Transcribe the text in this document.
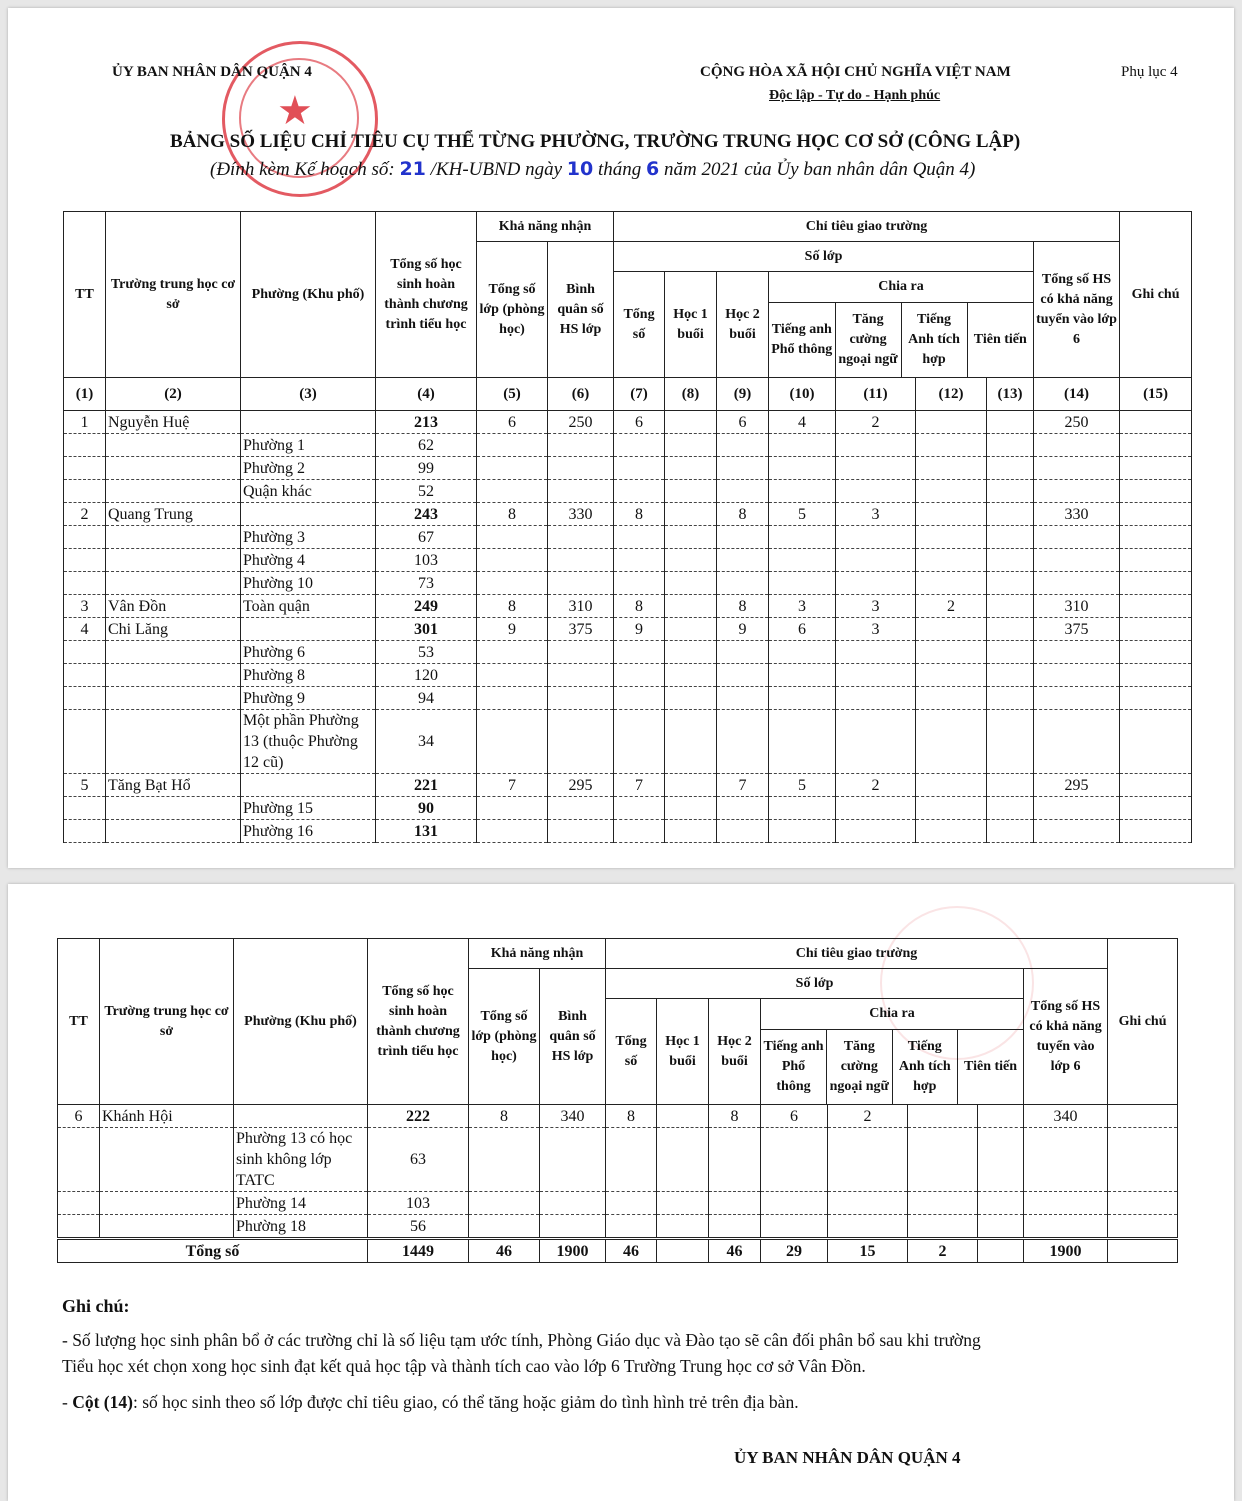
★
ỦY BAN NHÂN DÂN QUẬN 4	CỘNG HÒA XÃ HỘI CHỦ NGHĨA VIỆT NAM
Độc lập - Tự do - Hạnh phúc
Phụ lục 4
BẢNG SỐ LIỆU CHỈ TIÊU CỤ THỂ TỪNG PHƯỜNG, TRƯỜNG TRUNG HỌC CƠ SỞ (CÔNG LẬP)
(Đính kèm Kế hoạch số: 21 /KH-UBND ngày 10 tháng 6 năm 2021 của Ủy ban nhân dân Quận 4)
TT	Trường trung học cơ sở	Phường (Khu phố)	Tổng số học sinh hoàn thành chương trình tiểu học	Khả năng nhận	Chỉ tiêu giao trường	Ghi chú
Tổng số lớp (phòng học)	Bình quân số HS lớp	Số lớp	Tổng số HS có khả năng tuyển vào lớp 6
Tổng số	Học 1 buổi	Học 2 buổi	
Chia ra
Tiếng anh Phổ thông	Tăng cường ngoại ngữ	Tiếng Anh tích hợp	Tiên tiến

(1)	(2)	(3)	(4)	(5)	(6)	(7)	(8)	(9)	(10)	(11)	(12)	(13)	(14)	(15)
1	Nguyễn Huệ		213	6	250	6		6	4	2			250	
		Phường 1	62											
		Phường 2	99											
		Quận khác	52											
2	Quang Trung		243	8	330	8		8	5	3			330	
		Phường 3	67											
		Phường 4	103											
		Phường 10	73											
3	Vân Đồn	Toàn quận	249	8	310	8		8	3	3	2		310	
4	Chi Lăng		301	9	375	9		9	6	3			375	
		Phường 6	53											
		Phường 8	120											
		Phường 9	94											
		Một phần Phường 13 (thuộc Phường 12 cũ)	34											
5	Tăng Bạt Hổ		221	7	295	7		7	5	2			295	
		Phường 15	90											
		Phường 16	131											
TT	Trường trung học cơ sở	Phường (Khu phố)	Tổng số học sinh hoàn thành chương trình tiểu học	Khả năng nhận	Chỉ tiêu giao trường	Ghi chú
Tổng số lớp (phòng học)	Bình quân số HS lớp	Số lớp	Tổng số HS có khả năng tuyển vào lớp 6
Tổng số	Học 1 buổi	Học 2 buổi	
Chia ra
Tiếng anh Phổ thông	Tăng cường ngoại ngữ	Tiếng Anh tích hợp	Tiên tiến

6	Khánh Hội		222	8	340	8		8	6	2			340	
		Phường 13 có học sinh không lớp TATC	63											
		Phường 14	103											
		Phường 18	56											
Tổng số	1449	46	1900	46		46	29	15	2		1900	
Ghi chú:
- Số lượng học sinh phân bổ ở các trường chỉ là số liệu tạm ước tính, Phòng Giáo dục và Đào tạo sẽ cân đối phân bổ sau khi trường
Tiểu học xét chọn xong học sinh đạt kết quả học tập và thành tích cao vào lớp 6 Trường Trung học cơ sở Vân Đồn.
- Cột (14): số học sinh theo số lớp được chỉ tiêu giao, có thể tăng hoặc giảm do tình hình trẻ trên địa bàn.
ỦY BAN NHÂN DÂN QUẬN 4
